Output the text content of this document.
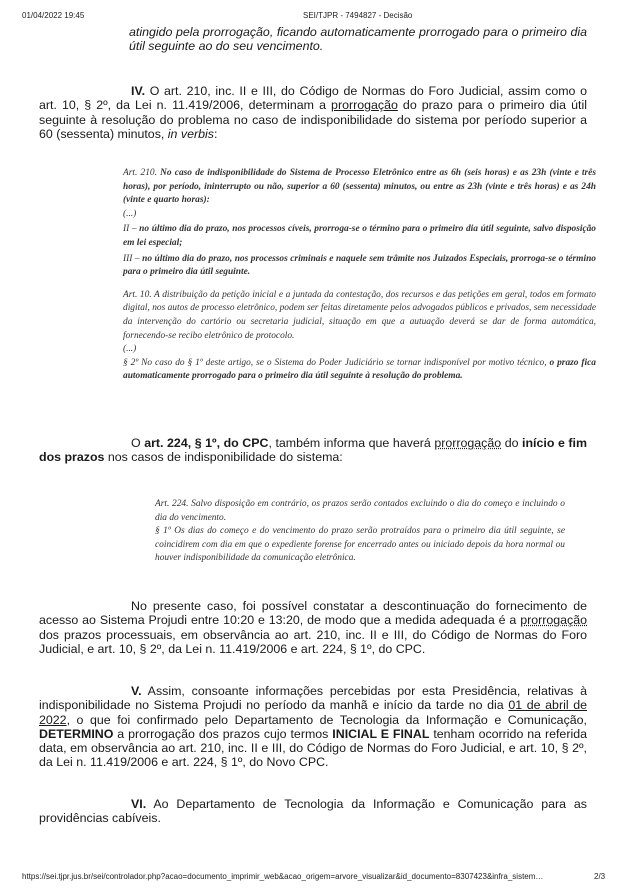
01/04/2022 19:45	SEI/TJPR - 7494827 - Decisão
atingido pela prorrogação, ficando automaticamente prorrogado para o primeiro dia útil seguinte ao do seu vencimento.
IV. O art. 210, inc. II e III, do Código de Normas do Foro Judicial, assim como o art. 10, § 2º, da Lei n. 11.419/2006, determinam a prorrogação do prazo para o primeiro dia útil seguinte à resolução do problema no caso de indisponibilidade do sistema por período superior a 60 (sessenta) minutos, in verbis:

Art. 210. No caso de indisponibilidade do Sistema de Processo Eletrônico entre as 6h (seis horas) e as 23h (vinte e três horas), por período, ininterrupto ou não, superior a 60 (sessenta) minutos, ou entre as 23h (vinte e três horas) e as 24h (vinte e quarto horas):

(...)

II – no último dia do prazo, nos processos cíveis, prorroga-se o término para o primeiro dia útil seguinte, salvo disposição em lei especial;

III – no último dia do prazo, nos processos criminais e naquele sem trâmite nos Juizados Especiais, prorroga-se o término para o primeiro dia útil seguinte.

Art. 10. A distribuição da petição inicial e a juntada da contestação, dos recursos e das petições em geral, todos em formato digital, nos autos de processo eletrônico, podem ser feitas diretamente pelos advogados públicos e privados, sem necessidade da intervenção do cartório ou secretaria judicial, situação em que a autuação deverá se dar de forma automática, fornecendo-se recibo eletrônico de protocolo.

(...)

§ 2º No caso do § 1º deste artigo, se o Sistema do Poder Judiciário se tornar indisponível por motivo técnico, o prazo fica automaticamente prorrogado para o primeiro dia útil seguinte à resolução do problema.

O art. 224, § 1º, do CPC, também informa que haverá prorrogação do início e fim dos prazos nos casos de indisponibilidade do sistema:

Art. 224. Salvo disposição em contrário, os prazos serão contados excluindo o dia do começo e incluindo o dia do vencimento.

§ 1º Os dias do começo e do vencimento do prazo serão protraídos para o primeiro dia útil seguinte, se coincidirem com dia em que o expediente forense for encerrado antes ou iniciado depois da hora normal ou houver indisponibilidade da comunicação eletrônica.

No presente caso, foi possível constatar a descontinuação do fornecimento de acesso ao Sistema Projudi entre 10:20 e 13:20, de modo que a medida adequada é a prorrogação dos prazos processuais, em observância ao art. 210, inc. II e III, do Código de Normas do Foro Judicial, e art. 10, § 2º, da Lei n. 11.419/2006 e art. 224, § 1º, do CPC.
V. Assim, consoante informações percebidas por esta Presidência, relativas à indisponibilidade no Sistema Projudi no período da manhã e início da tarde no dia 01 de abril de 2022, o que foi confirmado pelo Departamento de Tecnologia da Informação e Comunicação, DETERMINO a prorrogação dos prazos cujo termos INICIAL E FINAL tenham ocorrido na referida data, em observância ao art. 210, inc. II e III, do Código de Normas do Foro Judicial, e art. 10, § 2º, da Lei n. 11.419/2006 e art. 224, § 1º, do Novo CPC.
VI. Ao Departamento de Tecnologia da Informação e Comunicação para as providências cabíveis.
https://sei.tjpr.jus.br/sei/controlador.php?acao=documento_imprimir_web&acao_origem=arvore_visualizar&id_documento=8307423&infra_sistem…	2/3
